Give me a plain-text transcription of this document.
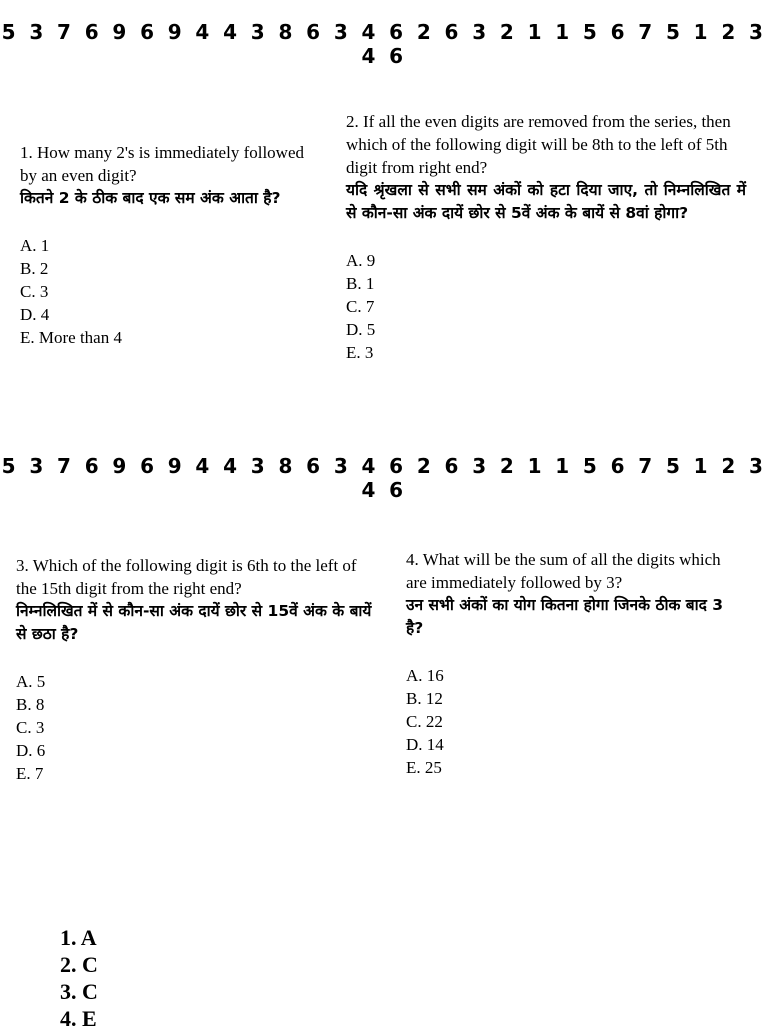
5 3 7 6 9 6 9 4 4 3 8 6 3 4 6 2 6 3 2 1 1 5 6 7 5 1 2 3 4 6

1. How many 2's is immediately followed by an even digit?

कितने 2 के ठीक बाद एक सम अंक आता है?

A. 1
B. 2
C. 3
D. 4
E. More than 4

2. If all the even digits are removed from the series, then which of the following digit will be 8th to the left of 5th digit from right end?

यदि श्रृंखला से सभी सम अंकों को हटा दिया जाए, तो निम्नलिखित में से कौन-सा अंक दायें छोर से 5वें अंक के बायें से 8वां होगा?

A. 9
B. 1
C. 7
D. 5
E. 3
5 3 7 6 9 6 9 4 4 3 8 6 3 4 6 2 6 3 2 1 1 5 6 7 5 1 2 3 4 6

3. Which of the following digit is 6th to the left of the 15th digit from the right end?

निम्नलिखित में से कौन-सा अंक दायें छोर से 15वें अंक के बायें से छठा है?

A. 5
B. 8
C. 3
D. 6
E. 7

4. What will be the sum of all the digits which are immediately followed by 3?

उन सभी अंकों का योग कितना होगा जिनके ठीक बाद 3 है?

A. 16
B. 12
C. 22
D. 14
E. 25
1. A
2. C
3. C
4. E
